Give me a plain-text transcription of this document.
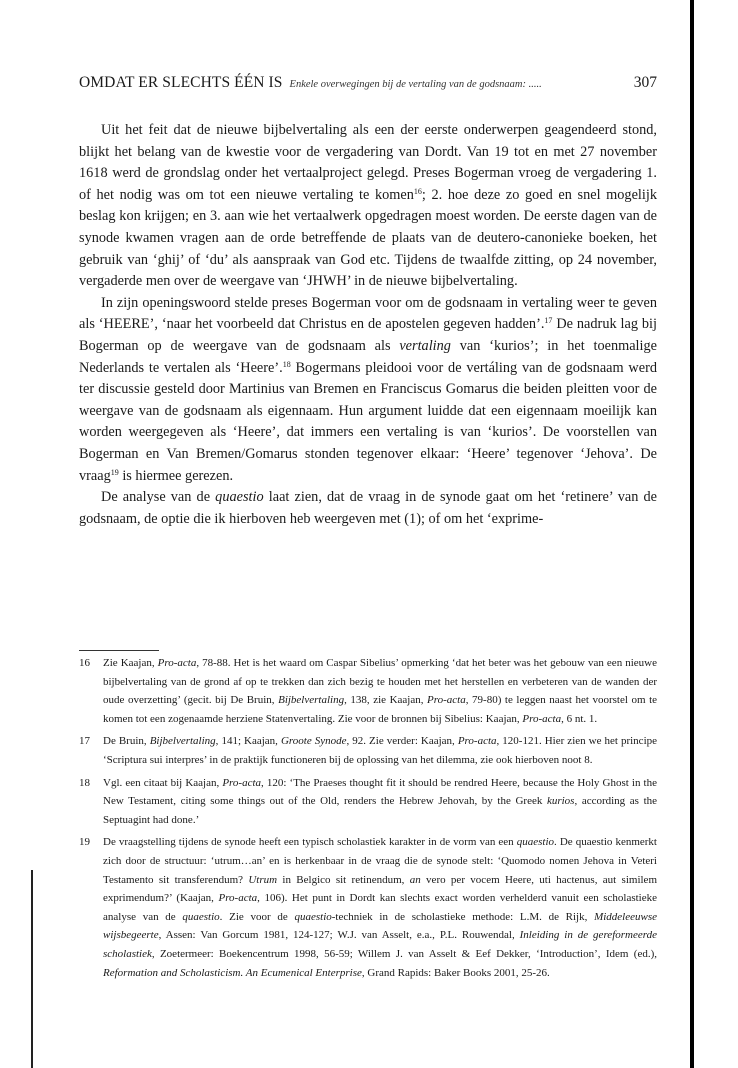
OMDAT ER SLECHTS ÉÉN IS Enkele overwegingen bij de vertaling van de godsnaam: .....	307

Uit het feit dat de nieuwe bijbelvertaling als een der eerste onderwerpen geagendeerd stond, blijkt het belang van de kwestie voor de vergadering van Dordt. Van 19 tot en met 27 november 1618 werd de grondslag onder het vertaalproject gelegd. Preses Bogerman vroeg de vergadering 1. of het nodig was om tot een nieuwe vertaling te komen$^{16}$; 2. hoe deze zo goed en snel mogelijk beslag kon krijgen; en 3. aan wie het vertaalwerk opgedragen moest worden. De eerste dagen van de synode kwamen vragen aan de orde betreffende de plaats van de deutero-canonieke boeken, het gebruik van ‘ghij’ of ‘du’ als aanspraak van God etc. Tijdens de twaalfde zitting, op 24 november, vergaderde men over de weergave van ‘JHWH’ in de nieuwe bijbelvertaling.

In zijn openingswoord stelde preses Bogerman voor om de godsnaam in vertaling weer te geven als ‘HEERE’, ‘naar het voorbeeld dat Christus en de apostelen gegeven hadden’.$^{17}$ De nadruk lag bij Bogerman op de weergave van de godsnaam als vertaling van ‘kurios’; in het toenmalige Nederlands te vertalen als ‘Heere’.$^{18}$ Bogermans pleidooi voor de vertáling van de godsnaam werd ter discussie gesteld door Martinius van Bremen en Franciscus Gomarus die beiden pleitten voor de weergave van de godsnaam als eigennaam. Hun argument luidde dat een eigennaam moeilijk kan worden weergegeven als ‘Heere’, dat immers een vertaling is van ‘kurios’. De voorstellen van Bogerman en Van Bremen/Gomarus stonden tegenover elkaar: ‘Heere’ tegenover ‘Jehova’. De vraag$^{19}$ is hiermee gerezen.

De analyse van de quaestio laat zien, dat de vraag in de synode gaat om het ‘retinere’ van de godsnaam, de optie die ik hierboven heb weergeven met (1); of om het ‘exprime-

16	Zie Kaajan, Pro-acta, 78-88. Het is het waard om Caspar Sibelius’ opmerking ‘dat het beter was het gebouw van een nieuwe bijbelvertaling van de grond af op te trekken dan zich bezig te houden met het herstellen en verbeteren van de wanden der oude overzetting’ (gecit. bij De Bruin, Bijbelvertaling, 138, zie Kaajan, Pro-acta, 79-80) te leggen naast het voorstel om te komen tot een zogenaamde herziene Statenvertaling. Zie voor de bronnen bij Sibelius: Kaajan, Pro-acta, 6 nt. 1.
17	De Bruin, Bijbelvertaling, 141; Kaajan, Groote Synode, 92. Zie verder: Kaajan, Pro-acta, 120-121. Hier zien we het principe ‘Scriptura sui interpres’ in de praktijk functioneren bij de oplossing van het dilemma, zie ook hierboven noot 8.
18	Vgl. een citaat bij Kaajan, Pro-acta, 120: ‘The Praeses thought fit it should be rendred Heere, because the Holy Ghost in the New Testament, citing some things out of the Old, renders the Hebrew Jehovah, by the Greek kurios, according as the Septuagint had done.’
19	De vraagstelling tijdens de synode heeft een typisch scholastiek karakter in de vorm van een quaestio. De quaestio kenmerkt zich door de structuur: ‘utrum…an’ en is herkenbaar in de vraag die de synode stelt: ‘Quomodo nomen Jehova in Veteri Testamento sit transferendum? Utrum in Belgico sit retinendum, an vero per vocem Heere, uti hactenus, aut similem exprimendum?’ (Kaajan, Pro-acta, 106). Het punt in Dordt kan slechts exact worden verhelderd vanuit een scholastieke analyse van de quaestio. Zie voor de quaestio-techniek in de scholastieke methode: L.M. de Rijk, Middeleeuwse wijsbegeerte, Assen: Van Gorcum 1981, 124-127; W.J. van Asselt, e.a., P.L. Rouwendal, Inleiding in de gereformeerde scholastiek, Zoetermeer: Boekencentrum 1998, 56-59; Willem J. van Asselt & Eef Dekker, ‘Introduction’, Idem (ed.), Reformation and Scholasticism. An Ecumenical Enterprise, Grand Rapids: Baker Books 2001, 25-26.
